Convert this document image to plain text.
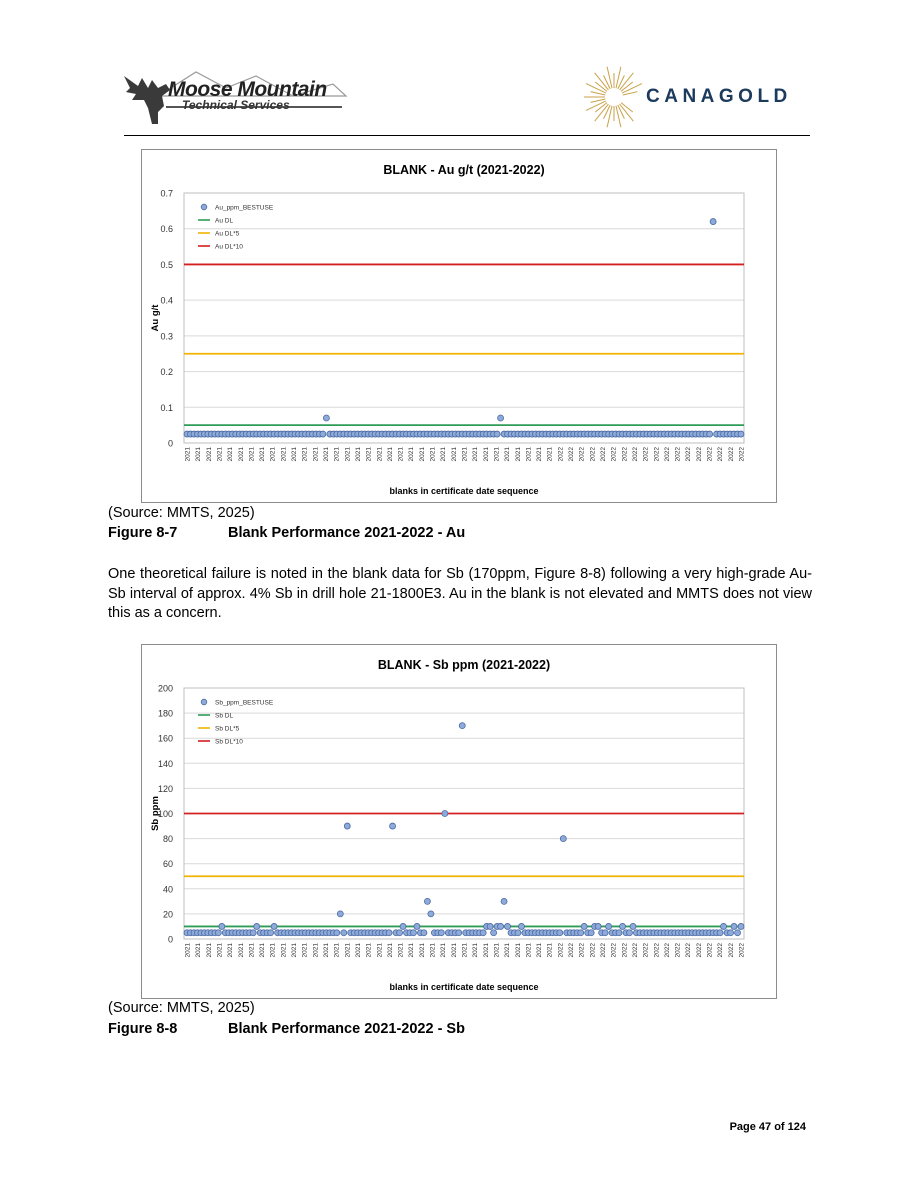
Moose Mountain
Technical Services	CANAGOLD
BLANK - Au g/t (2021-2022)
0
0.1
0.2
0.3
0.4
0.5
0.6
0.7
Au g/t
blanks in certificate date sequence
2021 2021 2021 2021 2021 2021 2021 2021 2021 2021 2021 2021 2021 2021 2021 2021 2021 2021 2021 2021 2021 2021 2021 2021 2021 2021 2021 2021 2021 2021 2021 2021 2021 2021 2021 2022 2022 2022 2022 2022 2022 2022 2022 2022 2022 2022 2022 2022 2022 2022 2022 2022 2022
Au_ppm_BESTUSE
Au DL
Au DL*5
Au DL*10
(Source: MMTS, 2025)
Figure 8-7	Blank Performance 2021-2022 - Au
One theoretical failure is noted in the blank data for Sb (170ppm, Figure 8-8) following a very high-grade Au-Sb interval of approx. 4% Sb in drill hole 21-1800E3. Au in the blank is not elevated and MMTS does not view this as a concern.
BLANK - Sb ppm (2021-2022)
0
20
40
60
80
100
120
140
160
180
200
Sb ppm
blanks in certificate date sequence
2021 2021 2021 2021 2021 2021 2021 2021 2021 2021 2021 2021 2021 2021 2021 2021 2021 2021 2021 2021 2021 2021 2021 2021 2021 2021 2021 2021 2021 2021 2021 2021 2021 2021 2021 2022 2022 2022 2022 2022 2022 2022 2022 2022 2022 2022 2022 2022 2022 2022 2022 2022 2022
Sb_ppm_BESTUSE
Sb DL
Sb DL*5
Sb DL*10
(Source: MMTS, 2025)
Figure 8-8	Blank Performance 2021-2022 - Sb
Page 47 of 124
